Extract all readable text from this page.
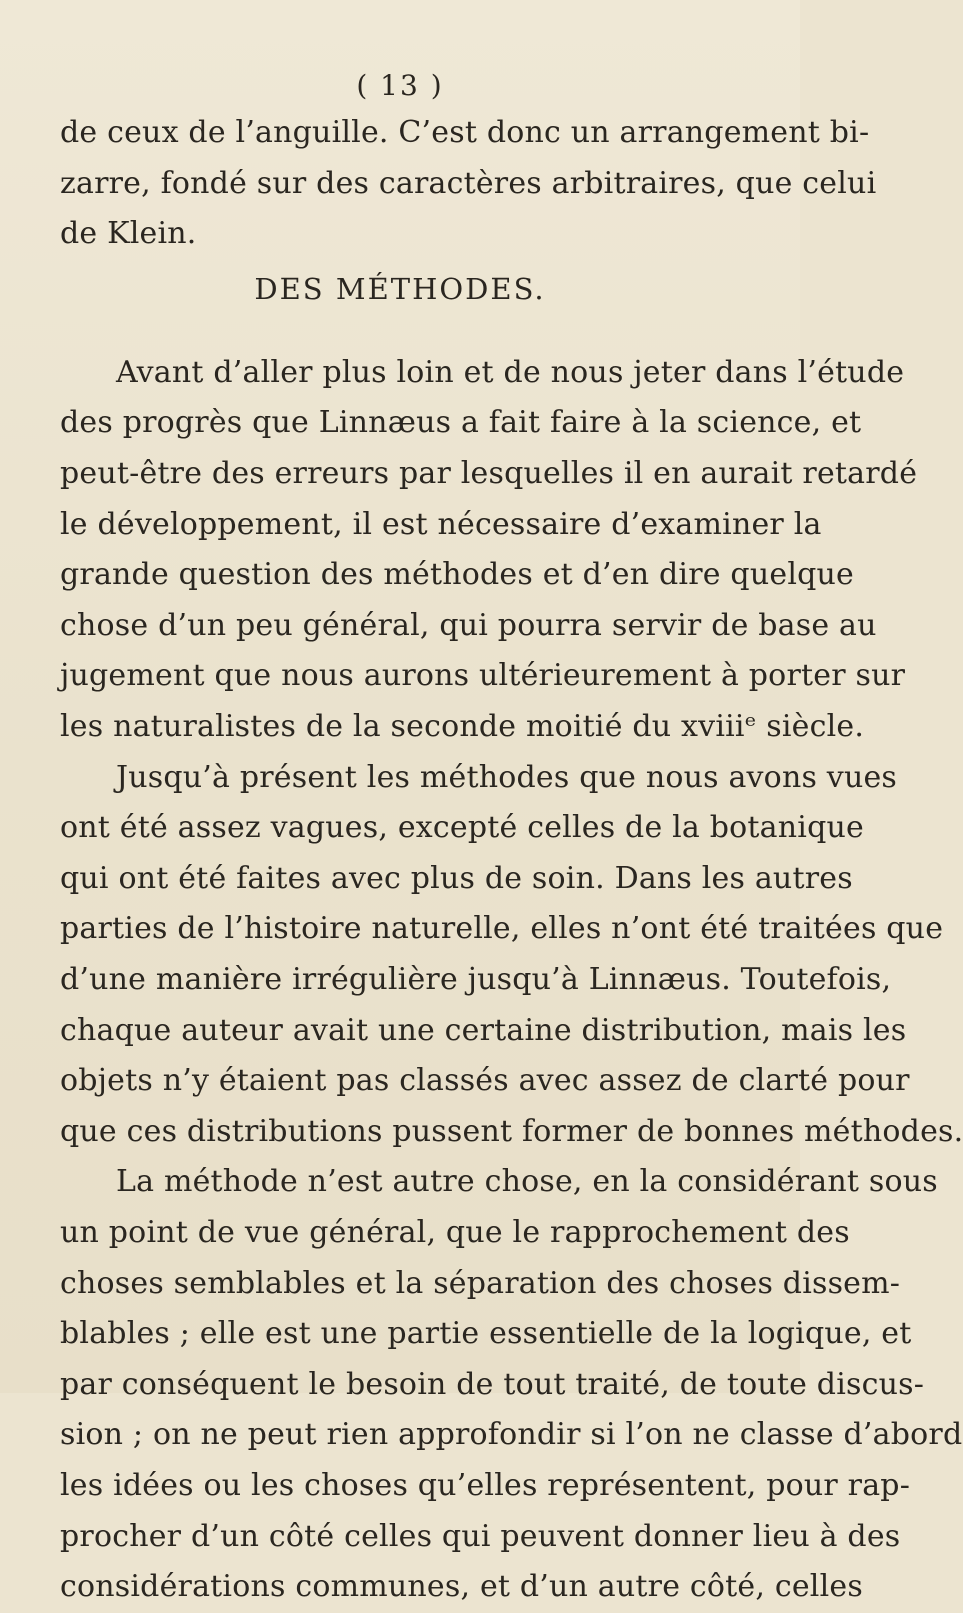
( 13 )
de ceux de l’anguille. C’est donc un arrangement bi-
zarre, fondé sur des caractères arbitraires, que celui
de Klein.
DES MÉTHODES.
Avant d’aller plus loin et de nous jeter dans l’étude
des progrès que Linnæus a fait faire à la science, et
peut-être des erreurs par lesquelles il en aurait retardé
le développement, il est nécessaire d’examiner la
grande question des méthodes et d’en dire quelque
chose d’un peu général, qui pourra servir de base au
jugement que nous aurons ultérieurement à porter sur
les naturalistes de la seconde moitié du xviiiᵉ siècle.
Jusqu’à présent les méthodes que nous avons vues
ont été assez vagues, excepté celles de la botanique
qui ont été faites avec plus de soin. Dans les autres
parties de l’histoire naturelle, elles n’ont été traitées que
d’une manière irrégulière jusqu’à Linnæus. Toutefois,
chaque auteur avait une certaine distribution, mais les
objets n’y étaient pas classés avec assez de clarté pour
que ces distributions pussent former de bonnes méthodes.
La méthode n’est autre chose, en la considérant sous
un point de vue général, que le rapprochement des
choses semblables et la séparation des choses dissem-
blables ; elle est une partie essentielle de la logique, et
par conséquent le besoin de tout traité, de toute discus-
sion ; on ne peut rien approfondir si l’on ne classe d’abord
les idées ou les choses qu’elles représentent, pour rap-
procher d’un côté celles qui peuvent donner lieu à des
considérations communes, et d’un autre côté, celles
